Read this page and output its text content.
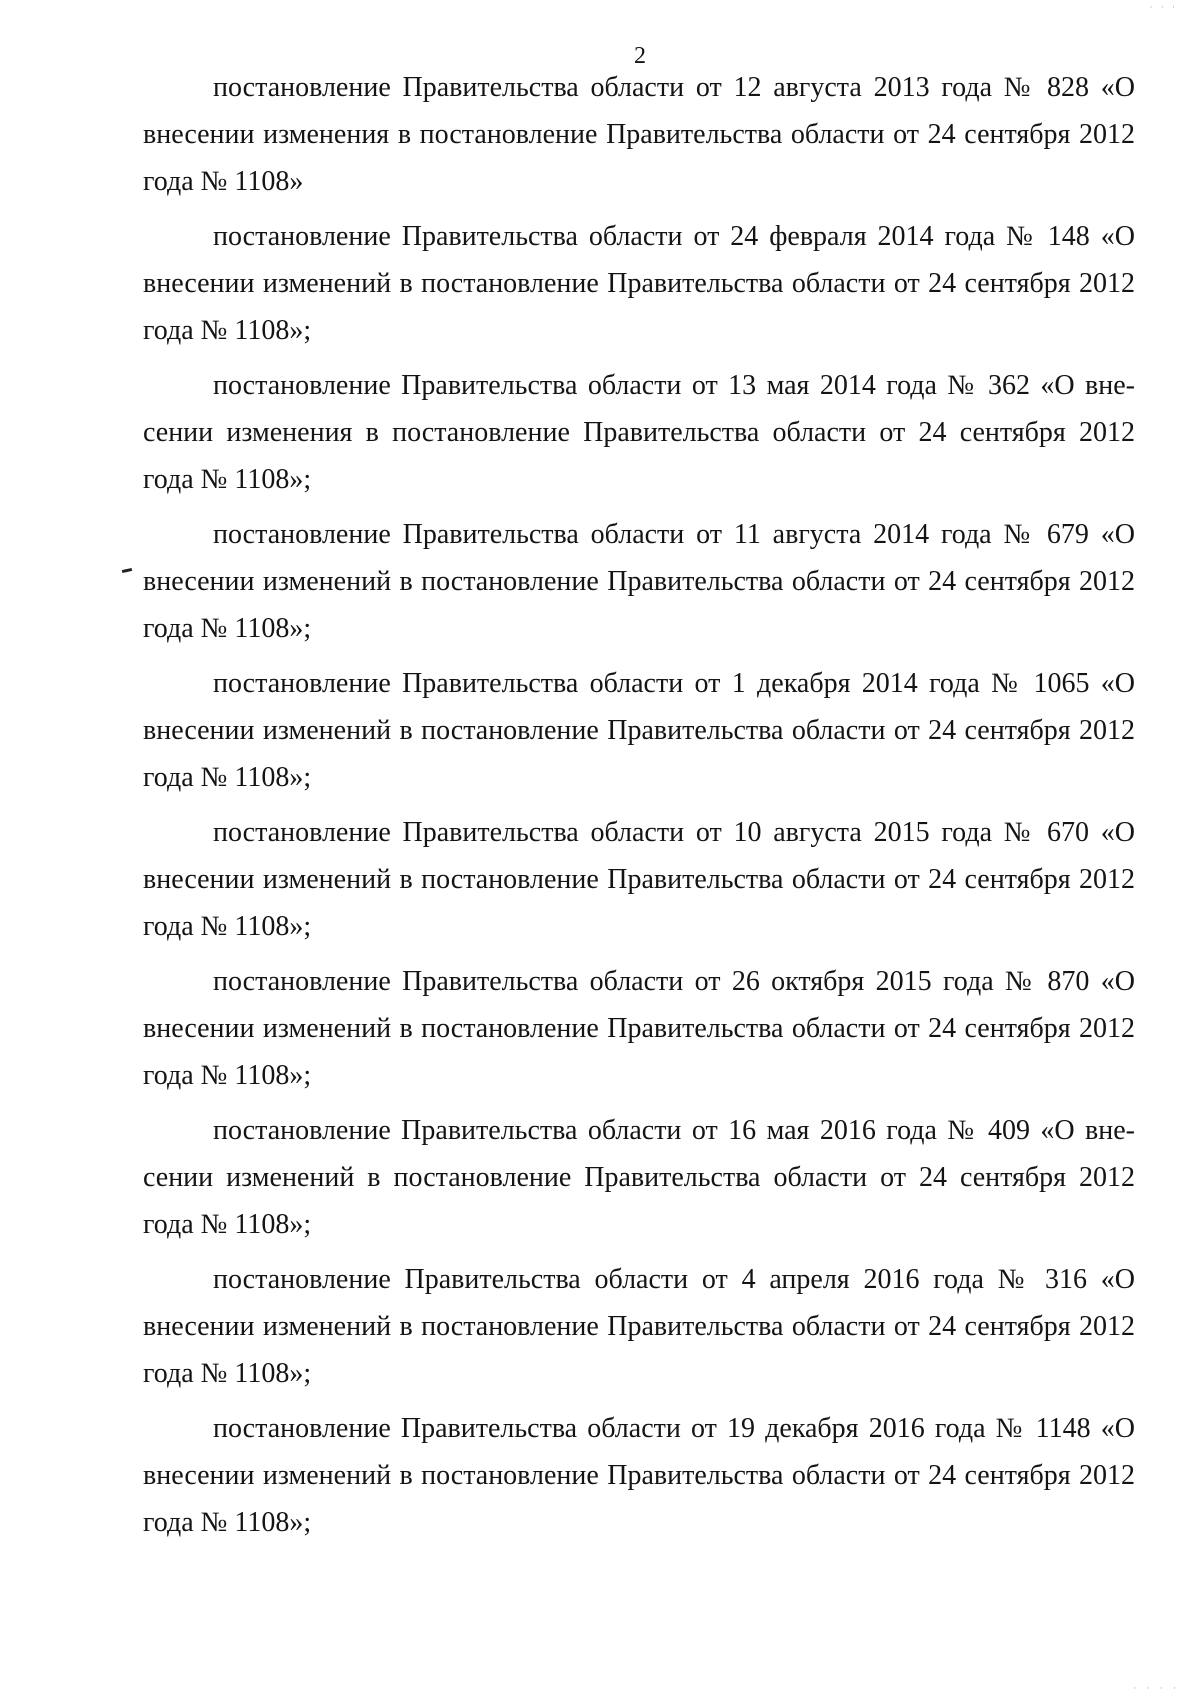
2

постановление Правительства области от 12 августа 2013 года № 828 «О внесении изменения в постановление Правительства области от 24 сентября 2012 года № 1108»

постановление Правительства области от 24 февраля 2014 года № 148 «О внесении изменений в постановление Правительства области от 24 сентября 2012 года № 1108»;

постановление Правительства области от 13 мая 2014 года № 362 «О внесении изменения в постановление Правительства области от 24 сентября 2012 года № 1108»;

постановление Правительства области от 11 августа 2014 года № 679 «О внесении изменений в постановление Правительства области от 24 сентября 2012 года № 1108»;

постановление Правительства области от 1 декабря 2014 года № 1065 «О внесении изменений в постановление Правительства области от 24 сентября 2012 года № 1108»;

постановление Правительства области от 10 августа 2015 года № 670 «О внесении изменений в постановление Правительства области от 24 сентября 2012 года № 1108»;

постановление Правительства области от 26 октября 2015 года № 870 «О внесении изменений в постановление Правительства области от 24 сентября 2012 года № 1108»;

постановление Правительства области от 16 мая 2016 года № 409 «О внесении изменений в постановление Правительства области от 24 сентября 2012 года № 1108»;

постановление Правительства области от 4 апреля 2016 года № 316 «О внесении изменений в постановление Правительства области от 24 сентября 2012 года № 1108»;

постановление Правительства области от 19 декабря 2016 года № 1148 «О внесении изменений в постановление Правительства области от 24 сентября 2012 года № 1108»;

· · ·
· · · ·
